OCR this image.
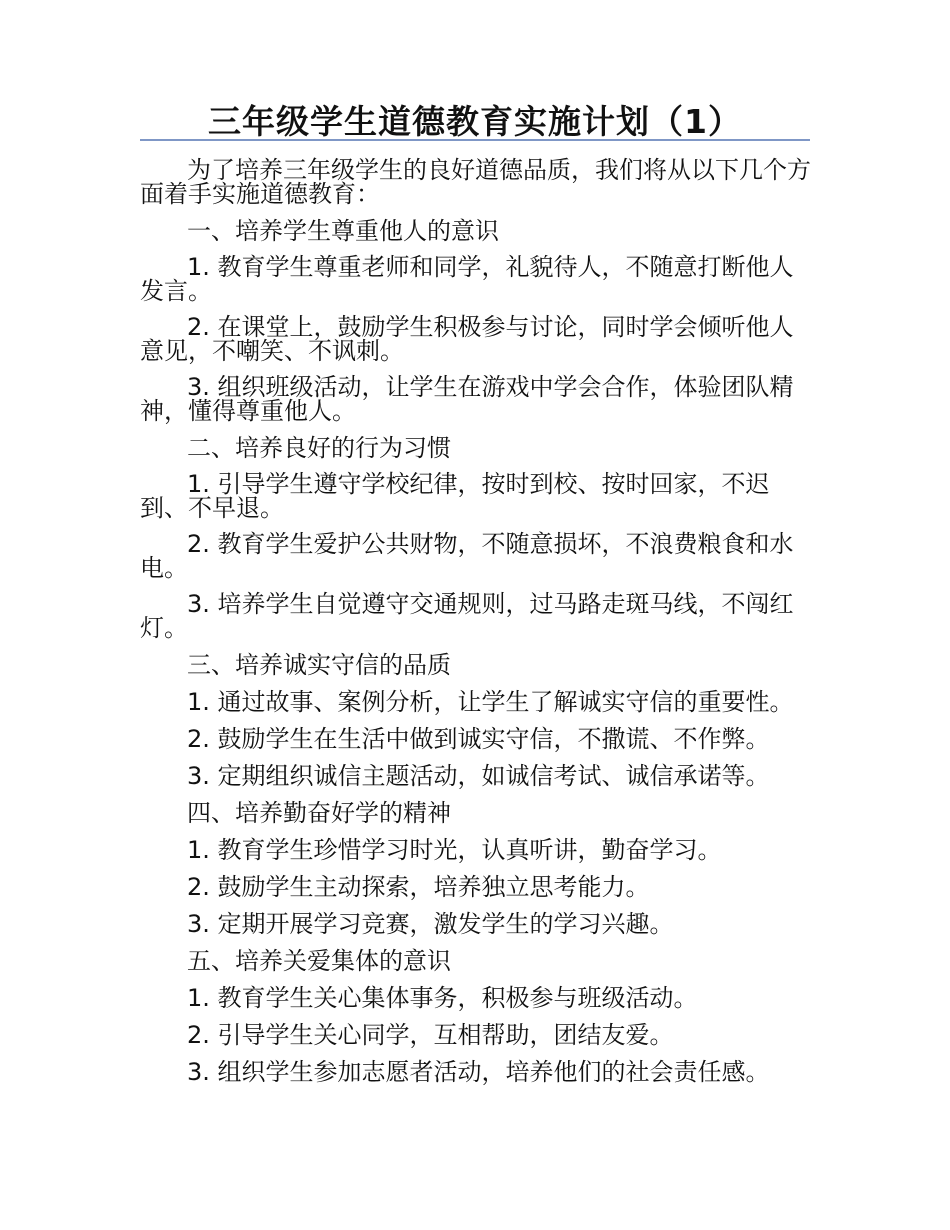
三年级学生道德教育实施计划（1）

为了培养三年级学生的良好道德品质，我们将从以下几个方面着手实施道德教育：

一、培养学生尊重他人的意识

1. 教育学生尊重老师和同学，礼貌待人，不随意打断他人发言。

2. 在课堂上，鼓励学生积极参与讨论，同时学会倾听他人意见，不嘲笑、不讽刺。

3. 组织班级活动，让学生在游戏中学会合作，体验团队精神，懂得尊重他人。

二、培养良好的行为习惯

1. 引导学生遵守学校纪律，按时到校、按时回家，不迟到、不早退。

2. 教育学生爱护公共财物，不随意损坏，不浪费粮食和水电。

3. 培养学生自觉遵守交通规则，过马路走斑马线，不闯红灯。

三、培养诚实守信的品质

1. 通过故事、案例分析，让学生了解诚实守信的重要性。

2. 鼓励学生在生活中做到诚实守信，不撒谎、不作弊。

3. 定期组织诚信主题活动，如诚信考试、诚信承诺等。

四、培养勤奋好学的精神

1. 教育学生珍惜学习时光，认真听讲，勤奋学习。

2. 鼓励学生主动探索，培养独立思考能力。

3. 定期开展学习竞赛，激发学生的学习兴趣。

五、培养关爱集体的意识

1. 教育学生关心集体事务，积极参与班级活动。

2. 引导学生关心同学，互相帮助，团结友爱。

3. 组织学生参加志愿者活动，培养他们的社会责任感。
